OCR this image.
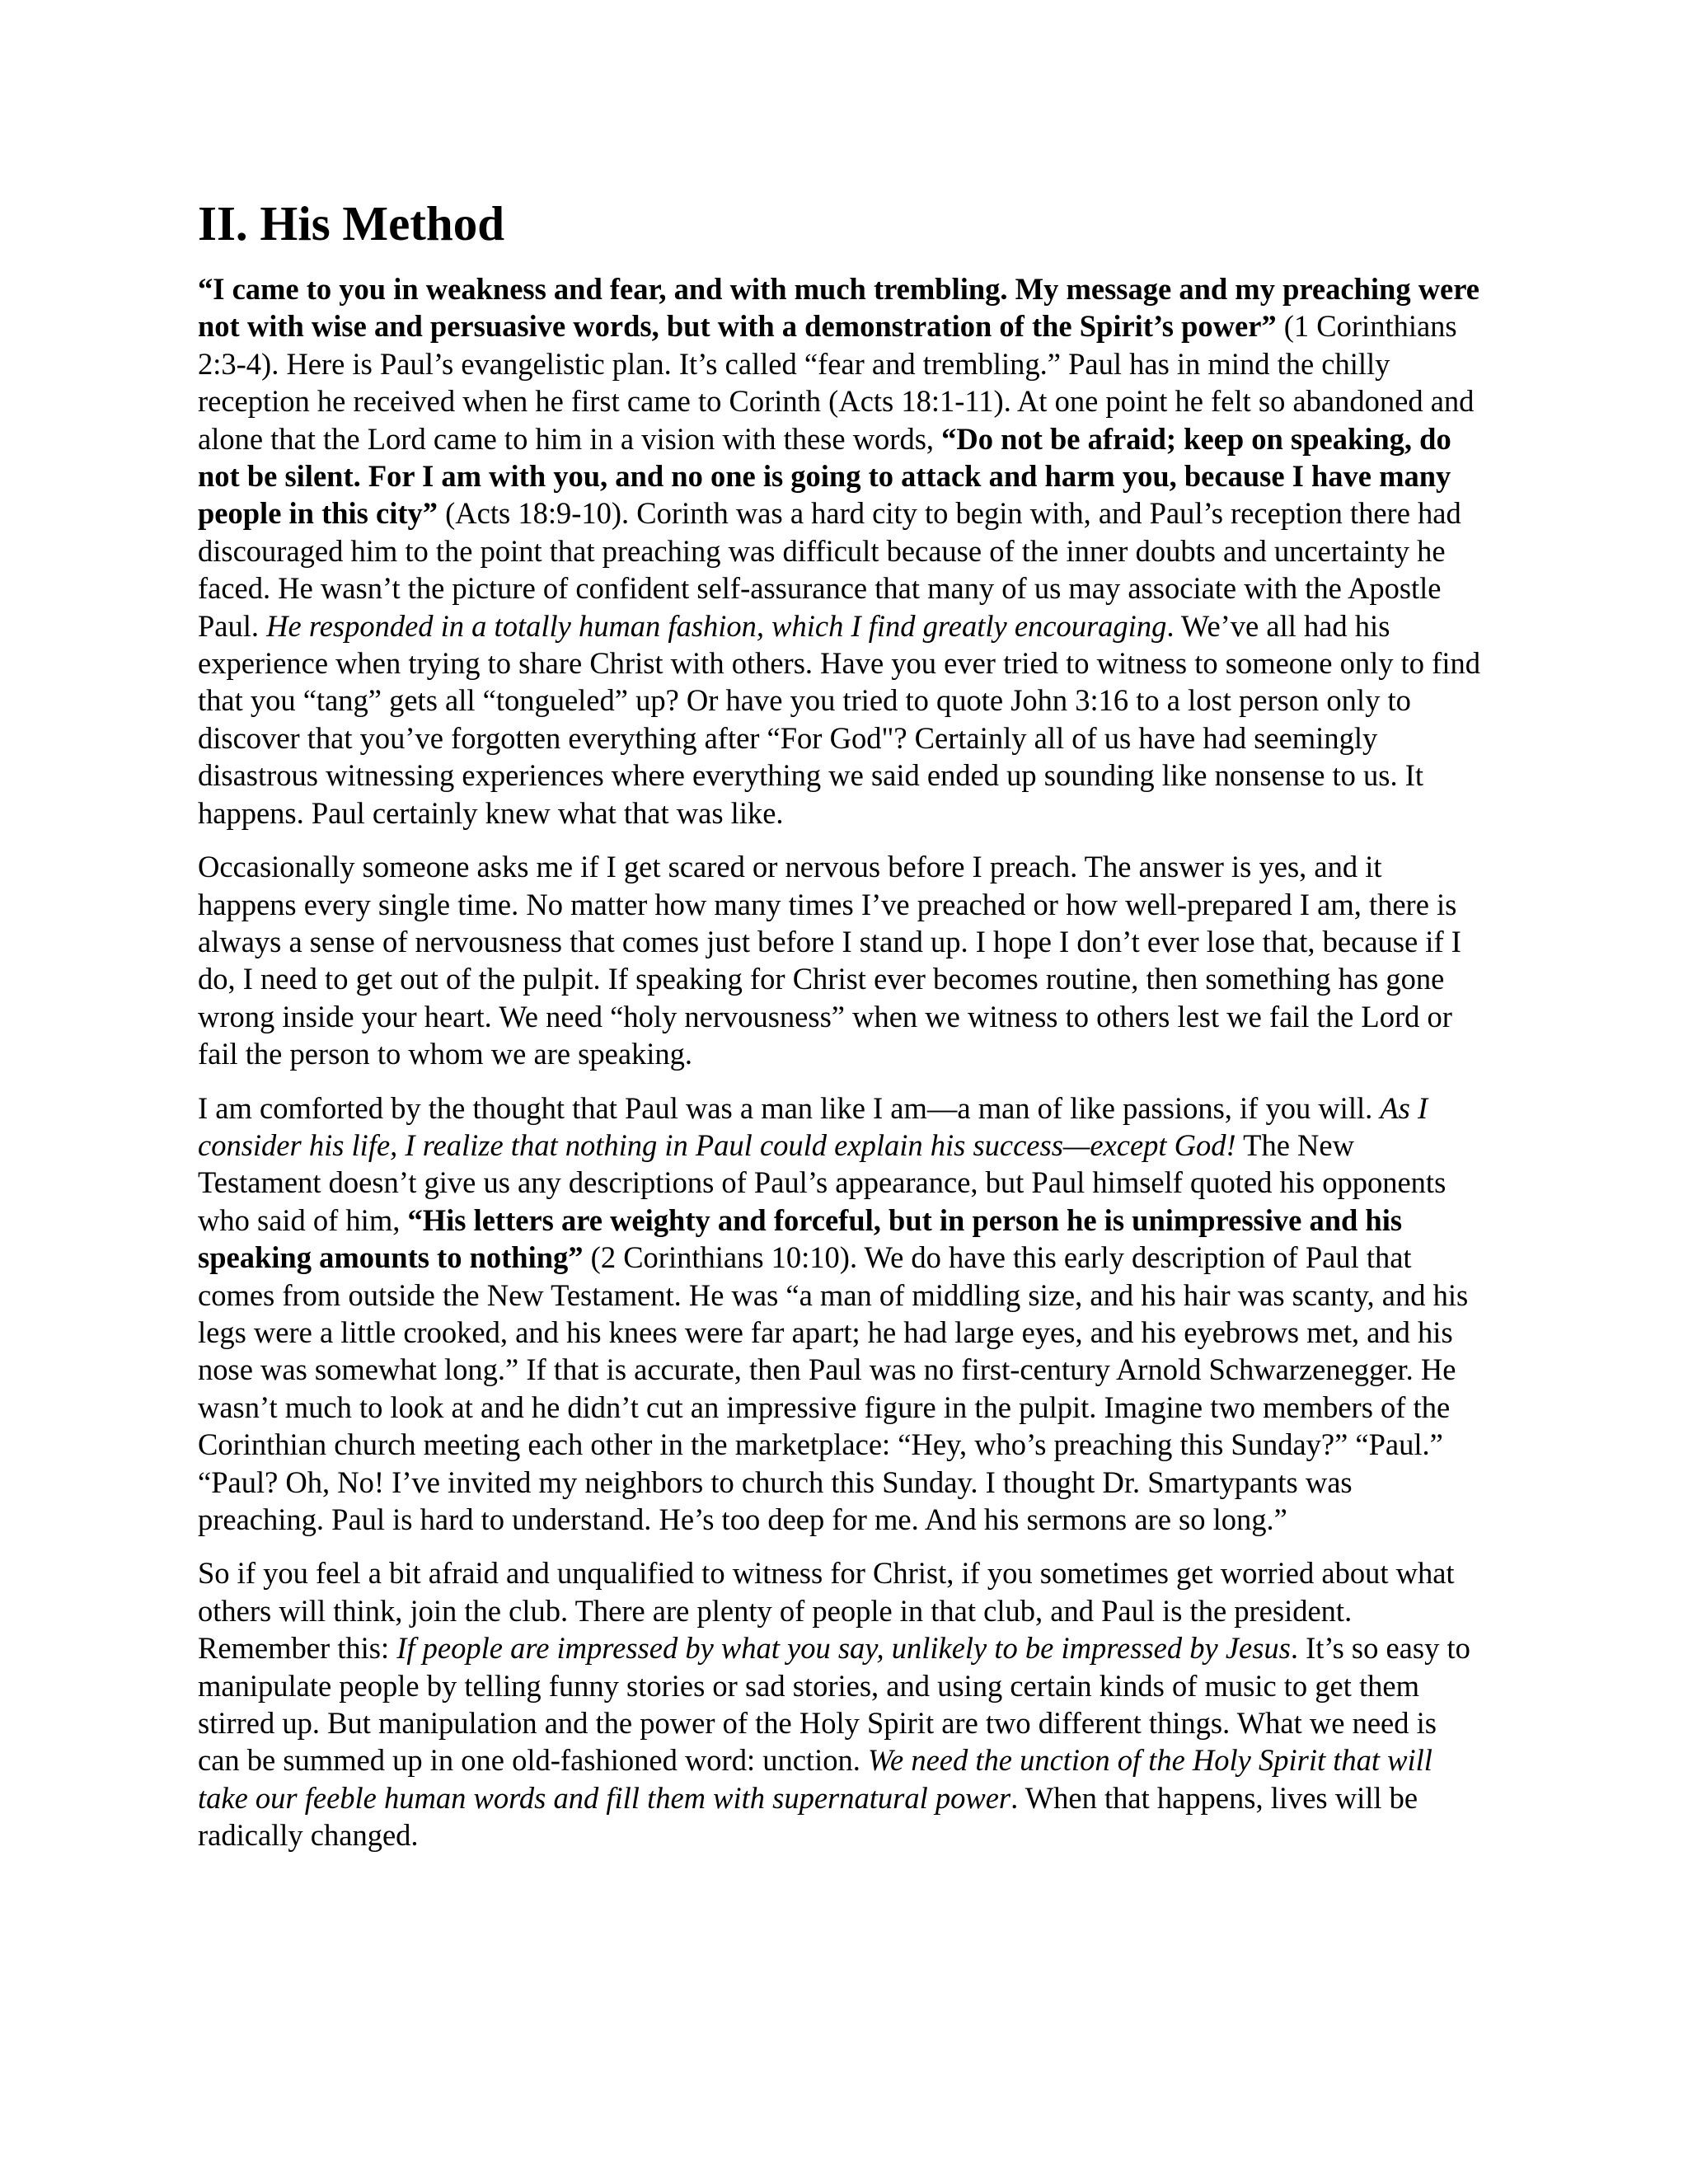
II. His Method

“I came to you in weakness and fear, and with much trembling. My message and my preaching were not with wise and persuasive words, but with a demonstration of the Spirit’s power” (1 Corinthians 2:3-4). Here is Paul’s evangelistic plan. It’s called “fear and trembling.” Paul has in mind the chilly reception he received when he first came to Corinth (Acts 18:1-11). At one point he felt so abandoned and alone that the Lord came to him in a vision with these words, “Do not be afraid; keep on speaking, do not be silent. For I am with you, and no one is going to attack and harm you, because I have many people in this city” (Acts 18:9-10). Corinth was a hard city to begin with, and Paul’s reception there had discouraged him to the point that preaching was difficult because of the inner doubts and uncertainty he faced. He wasn’t the picture of confident self-assurance that many of us may associate with the Apostle Paul. He responded in a totally human fashion, which I find greatly encouraging. We’ve all had his experience when trying to share Christ with others. Have you ever tried to witness to someone only to find that you “tang” gets all “tongueled” up? Or have you tried to quote John 3:16 to a lost person only to discover that you’ve forgotten everything after “For God"? Certainly all of us have had seemingly disastrous witnessing experiences where everything we said ended up sounding like nonsense to us. It happens. Paul certainly knew what that was like.

Occasionally someone asks me if I get scared or nervous before I preach. The answer is yes, and it happens every single time. No matter how many times I’ve preached or how well-prepared I am, there is always a sense of nervousness that comes just before I stand up. I hope I don’t ever lose that, because if I do, I need to get out of the pulpit. If speaking for Christ ever becomes routine, then something has gone wrong inside your heart. We need “holy nervousness” when we witness to others lest we fail the Lord or fail the person to whom we are speaking.

I am comforted by the thought that Paul was a man like I am—a man of like passions, if you will. As I consider his life, I realize that nothing in Paul could explain his success—except God! The New Testament doesn’t give us any descriptions of Paul’s appearance, but Paul himself quoted his opponents who said of him, “His letters are weighty and forceful, but in person he is unimpressive and his speaking amounts to nothing” (2 Corinthians 10:10). We do have this early description of Paul that comes from outside the New Testament. He was “a man of middling size, and his hair was scanty, and his legs were a little crooked, and his knees were far apart; he had large eyes, and his eyebrows met, and his nose was somewhat long.” If that is accurate, then Paul was no first-century Arnold Schwarzenegger. He wasn’t much to look at and he didn’t cut an impressive figure in the pulpit. Imagine two members of the Corinthian church meeting each other in the marketplace: “Hey, who’s preaching this Sunday?” “Paul.” “Paul? Oh, No! I’ve invited my neighbors to church this Sunday. I thought Dr. Smartypants was preaching. Paul is hard to understand. He’s too deep for me. And his sermons are so long.”

So if you feel a bit afraid and unqualified to witness for Christ, if you sometimes get worried about what others will think, join the club. There are plenty of people in that club, and Paul is the president. Remember this: If people are impressed by what you say, unlikely to be impressed by Jesus. It’s so easy to manipulate people by telling funny stories or sad stories, and using certain kinds of music to get them stirred up. But manipulation and the power of the Holy Spirit are two different things. What we need is can be summed up in one old-fashioned word: unction. We need the unction of the Holy Spirit that will take our feeble human words and fill them with supernatural power. When that happens, lives will be radically changed.
